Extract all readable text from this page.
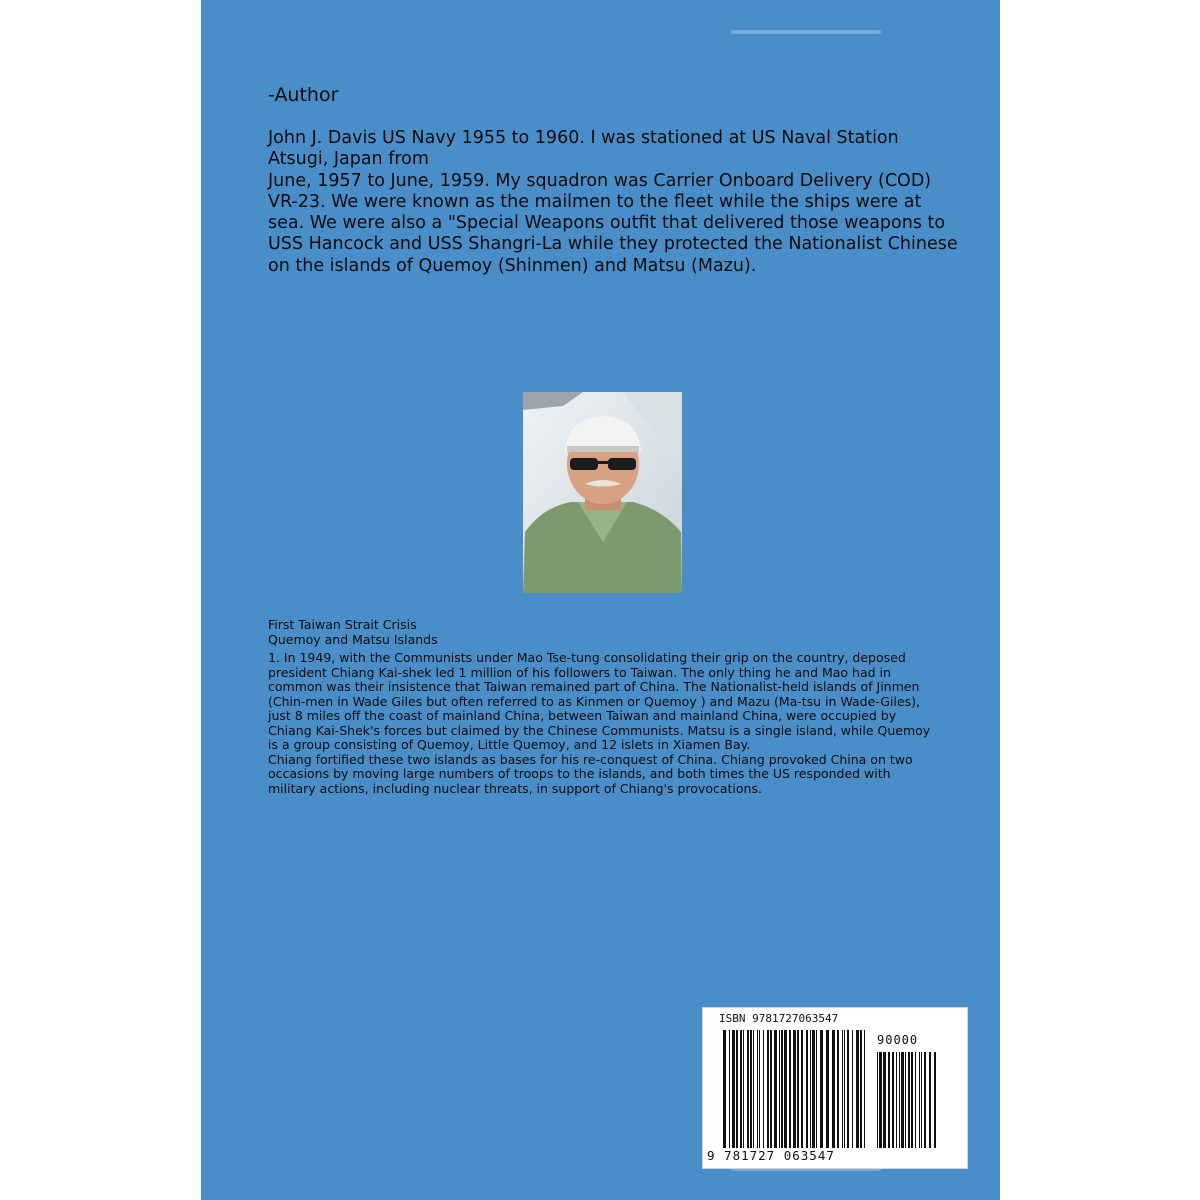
-Author
John J. Davis US Navy 1955 to 1960. I was stationed at US Naval Station Atsugi, Japan from
June, 1957 to June, 1959. My squadron was Carrier Onboard Delivery (COD) VR-23. We were known as the mailmen to the fleet while the ships were at sea. We were also a "Special Weapons outfit that delivered those weapons to USS Hancock and USS Shangri-La while they protected the Nationalist Chinese on the islands of Quemoy (Shinmen) and Matsu (Mazu).
First Taiwan Strait Crisis
Quemoy and Matsu Islands

1. In 1949, with the Communists under Mao Tse-tung consolidating their grip on the country, deposed president Chiang Kai-shek led 1 million of his followers to Taiwan. The only thing he and Mao had in common was their insistence that Taiwan remained part of China. The Nationalist-held islands of Jinmen (Chin-men in Wade Giles but often referred to as Kinmen or Quemoy ) and Mazu (Ma-tsu in Wade-Giles), just 8 miles off the coast of mainland China, between Taiwan and mainland China, were occupied by Chiang Kai-Shek's forces but claimed by the Chinese Communists. Matsu is a single island, while Quemoy is a group consisting of Quemoy, Little Quemoy, and 12 islets in Xiamen Bay.

Chiang fortified these two islands as bases for his re-conquest of China. Chiang provoked China on two occasions by moving large numbers of troops to the islands, and both times the US responded with military actions, including nuclear threats, in support of Chiang's provocations.

ISBN 9781727063547
90000
9 781727 063547
